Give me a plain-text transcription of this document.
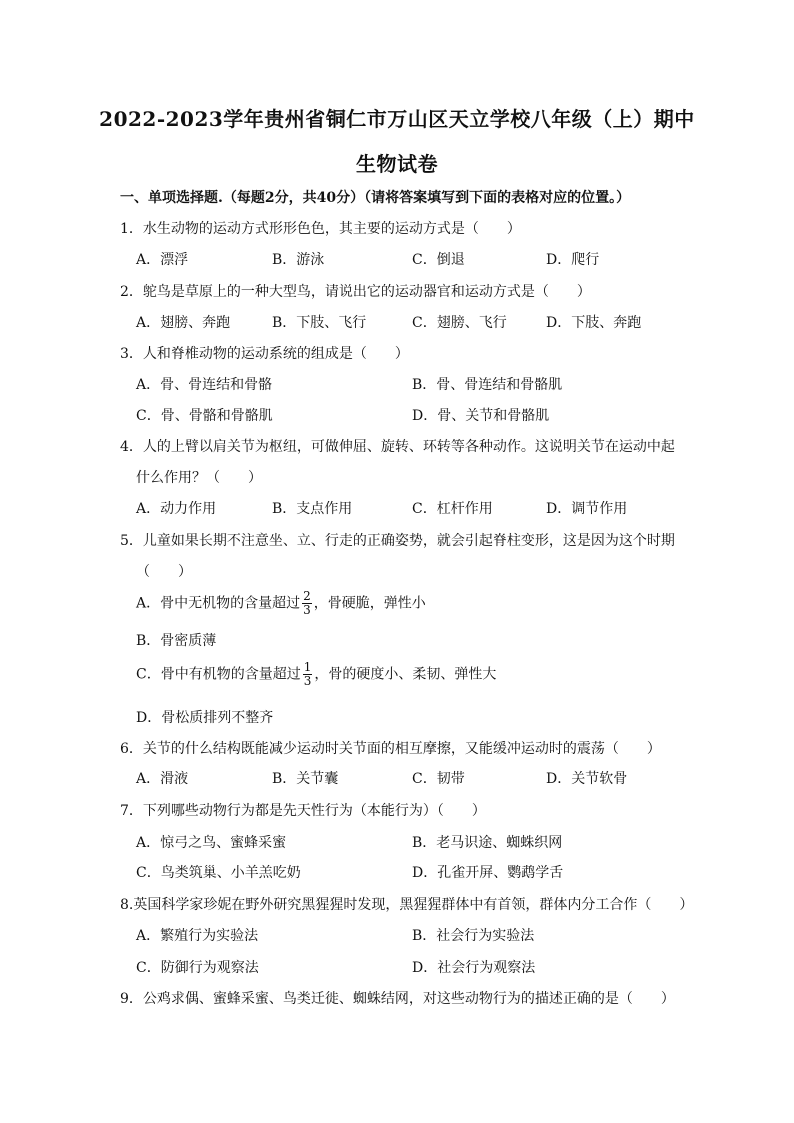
2022-2023学年贵州省铜仁市万山区天立学校八年级（上）期中
生物试卷
一、单项选择题.（每题2分，共40分）（请将答案填写到下面的表格对应的位置。）
1．水生动物的运动方式形形色色，其主要的运动方式是（　　）
A．漂浮	B．游泳	C．倒退	D．爬行
2．鸵鸟是草原上的一种大型鸟，请说出它的运动器官和运动方式是（　　）
A．翅膀、奔跑	B．下肢、飞行	C．翅膀、飞行	D．下肢、奔跑
3．人和脊椎动物的运动系统的组成是（　　）
A．骨、骨连结和骨骼	B．骨、骨连结和骨骼肌
C．骨、骨骼和骨骼肌	D．骨、关节和骨骼肌
4．人的上臂以肩关节为枢纽，可做伸屈、旋转、环转等各种动作。这说明关节在运动中起
什么作用？（　　）
A．动力作用	B．支点作用	C．杠杆作用	D．调节作用
5．儿童如果长期不注意坐、立、行走的正确姿势，就会引起脊柱变形，这是因为这个时期
（　　）
A．骨中无机物的含量超过 $\frac{2}{3}$ ，骨硬脆，弹性小
B．骨密质薄
C．骨中有机物的含量超过 $\frac{1}{3}$ ，骨的硬度小、柔韧、弹性大
D．骨松质排列不整齐
6．关节的什么结构既能减少运动时关节面的相互摩擦，又能缓冲运动时的震荡（　　）
A．滑液	B．关节囊	C．韧带	D．关节软骨
7．下列哪些动物行为都是先天性行为（本能行为）（　　）
A．惊弓之鸟、蜜蜂采蜜	B．老马识途、蜘蛛织网
C．鸟类筑巢、小羊羔吃奶	D．孔雀开屏、鹦鹉学舌
8.英国科学家珍妮在野外研究黑猩猩时发现，黑猩猩群体中有首领，群体内分工合作（　　）
A．繁殖行为实验法	B．社会行为实验法
C．防御行为观察法	D．社会行为观察法
9．公鸡求偶、蜜蜂采蜜、鸟类迁徙、蜘蛛结网，对这些动物行为的描述正确的是（　　）
